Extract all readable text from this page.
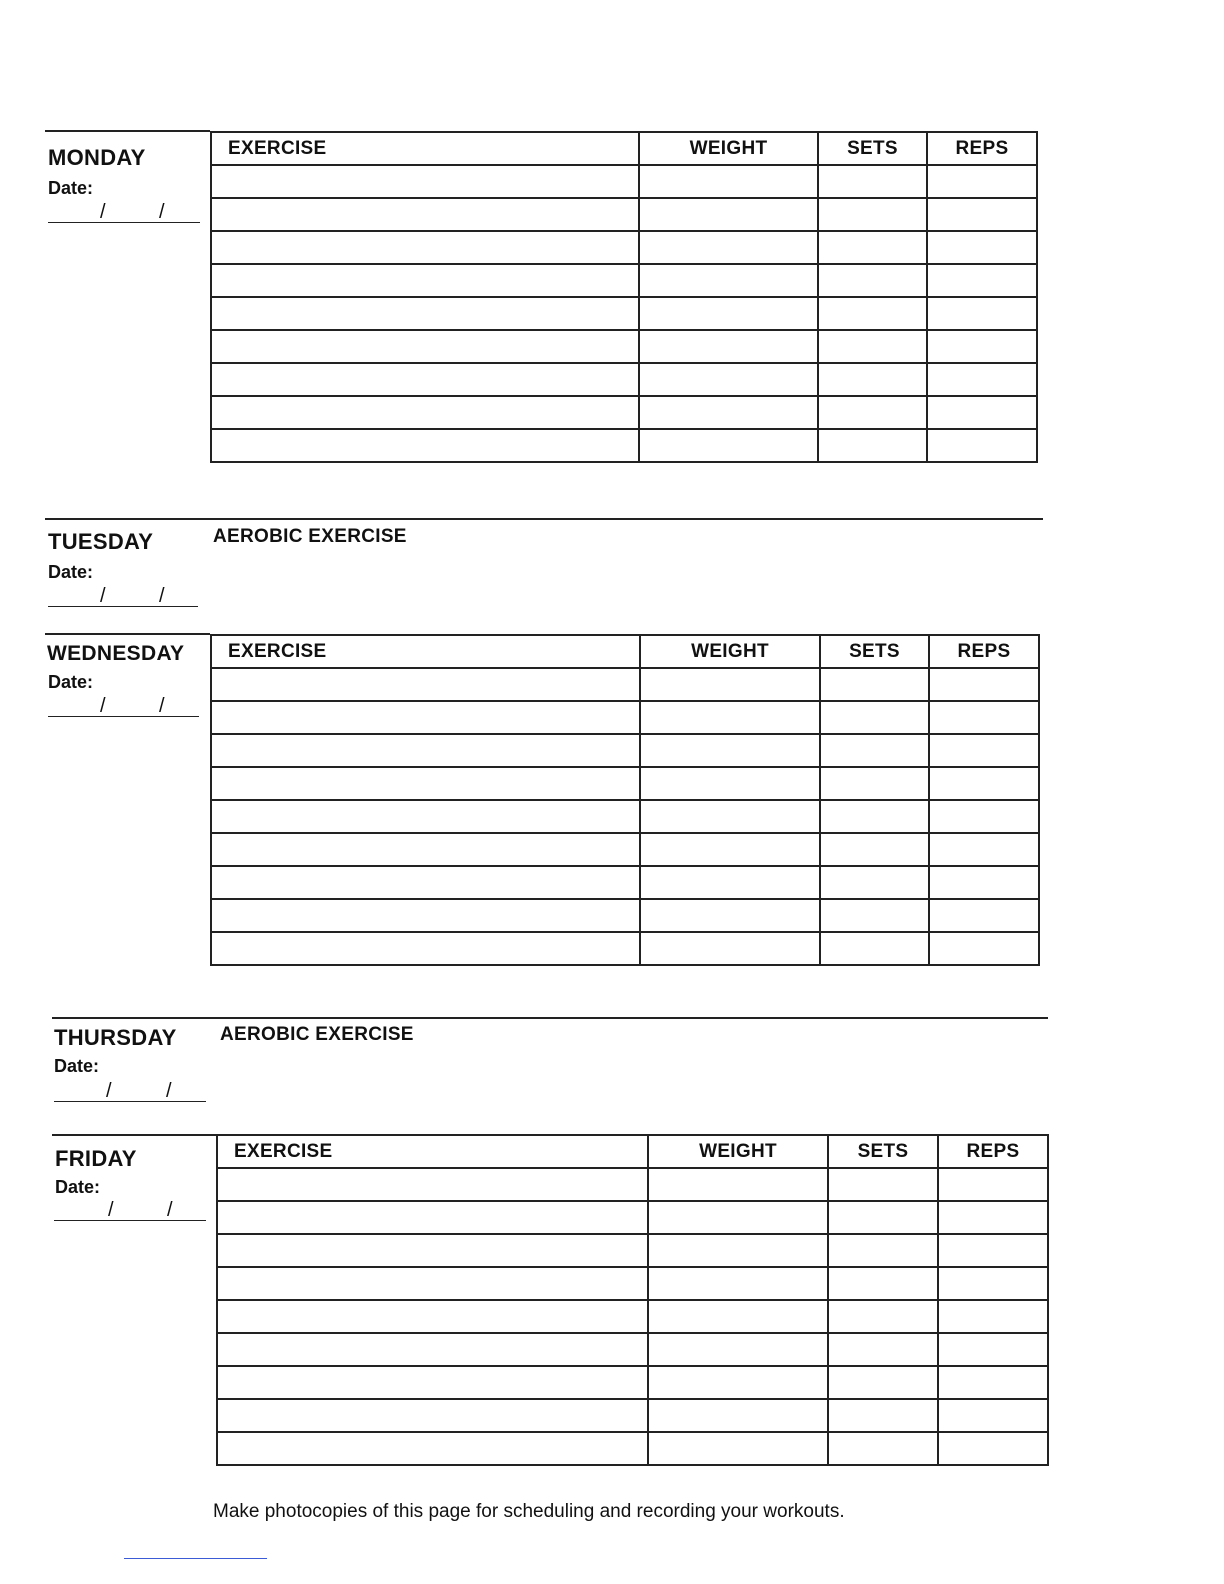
MONDAY
Date:
/	/
EXERCISE	WEIGHT	SETS	REPS

TUESDAY	AEROBIC EXERCISE
Date:
/	/
WEDNESDAY
Date:
/	/
EXERCISE	WEIGHT	SETS	REPS

THURSDAY AEROBIC EXERCISE
Date:
/	/
FRIDAY
Date:
/	/
EXERCISE	WEIGHT	SETS	REPS

Make photocopies of this page for scheduling and recording your workouts.
